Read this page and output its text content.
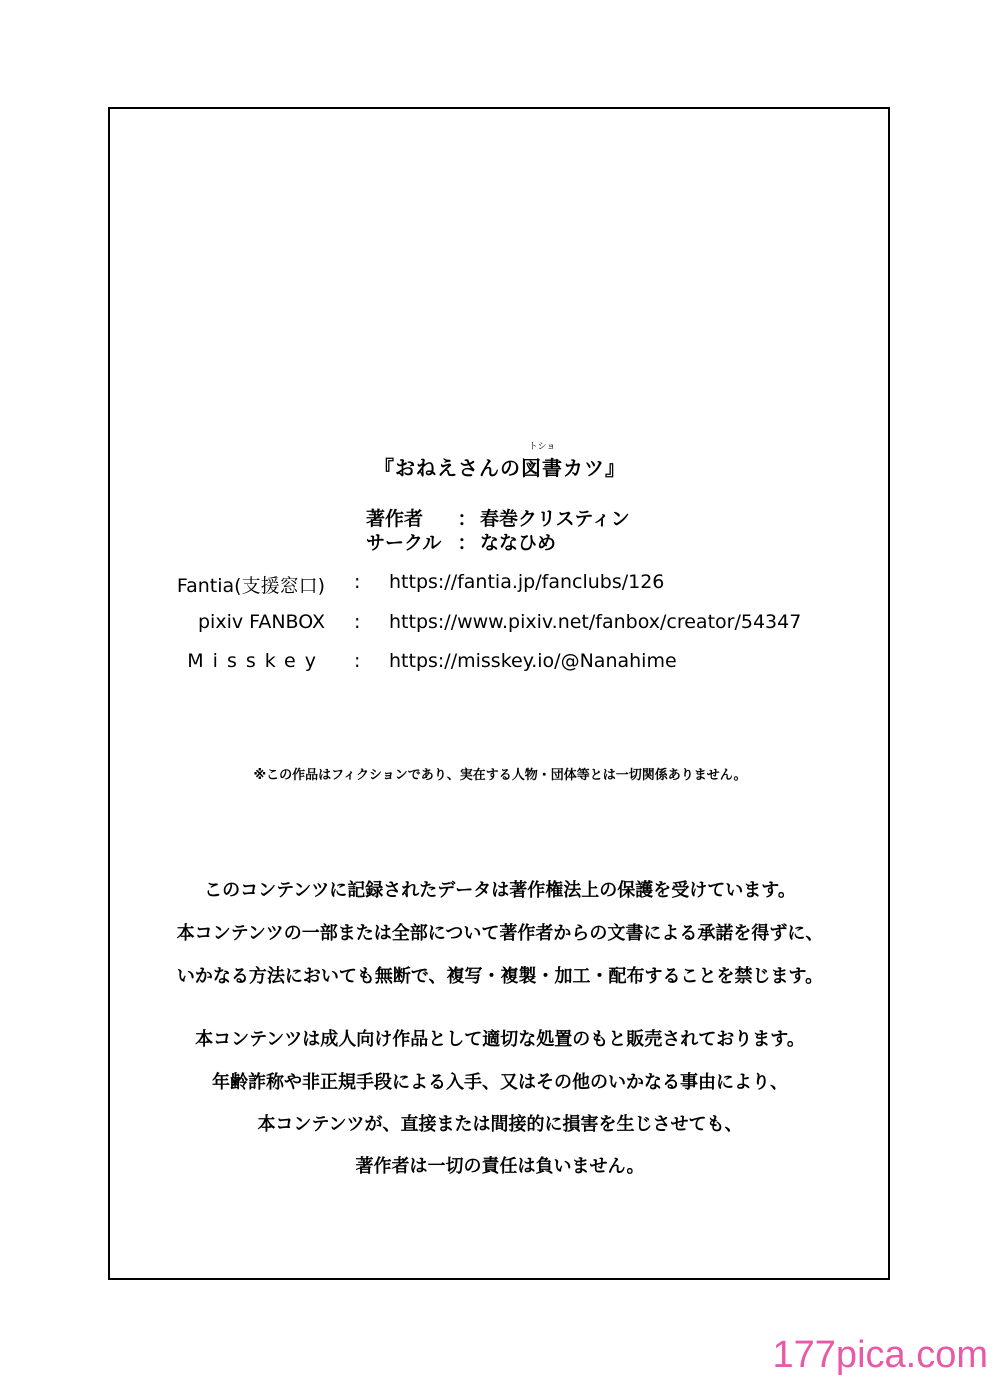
『おねえさんの
トショ
図書カツ』
著作者 ： 春巻クリスティン
サークル ： ななひめ
Fantia(支援窓口) : https://fantia.jp/fanclubs/126
pixiv FANBOX : https://www.pixiv.net/fanbox/creator/54347
Misskey : https://misskey.io/@Nanahime
※この作品はフィクションであり、実在する人物・団体等とは一切関係ありません。
このコンテンツに記録されたデータは著作権法上の保護を受けています。
本コンテンツの一部または全部について著作者からの文書による承諾を得ずに、
いかなる方法においても無断で、複写・複製・加工・配布することを禁じます。
本コンテンツは成人向け作品として適切な処置のもと販売されております。
年齢詐称や非正規手段による入手、又はその他のいかなる事由により、
本コンテンツが、直接または間接的に損害を生じさせても、
著作者は一切の責任は負いません。
177pica.com
